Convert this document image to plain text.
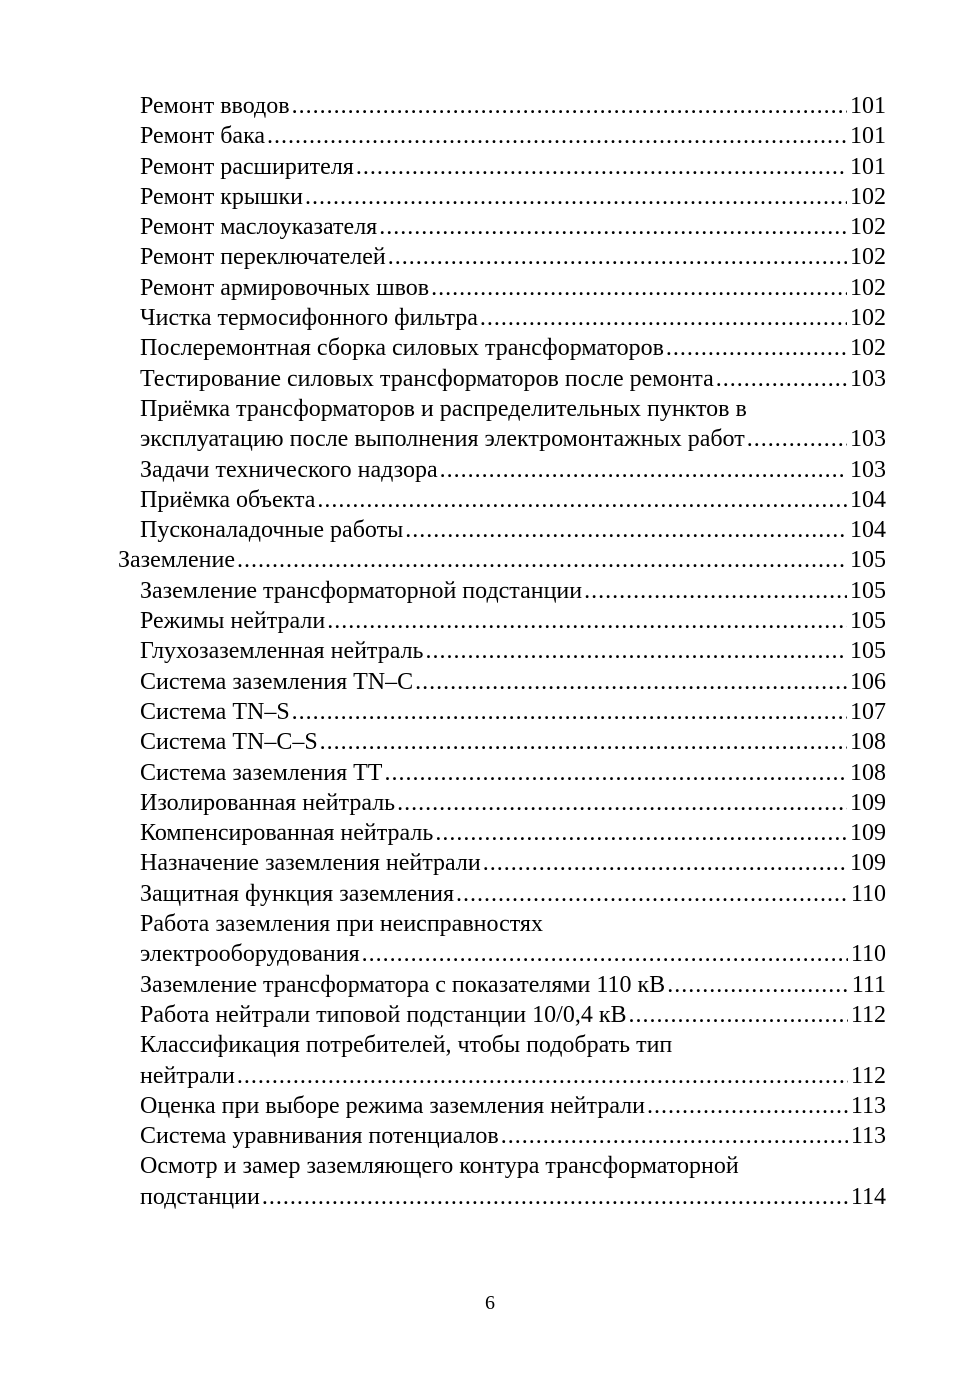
Ремонт вводов .....	101
Ремонт бака .....	101
Ремонт расширителя .....	101
Ремонт крышки .....	102
Ремонт маслоуказателя .....	102
Ремонт переключателей .....	102
Ремонт армировочных швов .....	102
Чистка термосифонного фильтра .....	102
Послеремонтная сборка силовых трансформаторов .....	102
Тестирование силовых трансформаторов после ремонта .....	103
Приёмка трансформаторов и распределительных пунктов в
эксплуатацию после выполнения электромонтажных работ .....	103
Задачи технического надзора .....	103
Приёмка объекта .....	104
Пусконаладочные работы .....	104
Заземление .....	105
Заземление трансформаторной подстанции .....	105
Режимы нейтрали .....	105
Глухозаземленная нейтраль .....	105
Система заземления TN–C .....	106
Система TN–S .....	107
Система TN–C–S .....	108
Система заземления TT .....	108
Изолированная нейтраль .....	109
Компенсированная нейтраль .....	109
Назначение заземления нейтрали .....	109
Защитная функция заземления .....	110
Работа заземления при неисправностях
электрооборудования .....	110
Заземление трансформатора с показателями 110 кВ .....	111
Работа нейтрали типовой подстанции 10/0,4 кВ .....	112
Классификация потребителей, чтобы подобрать тип
нейтрали .....	112
Оценка при выборе режима заземления нейтрали .....	113
Система уравнивания потенциалов .....	113
Осмотр и замер заземляющего контура трансформаторной
подстанции .....	114
6
